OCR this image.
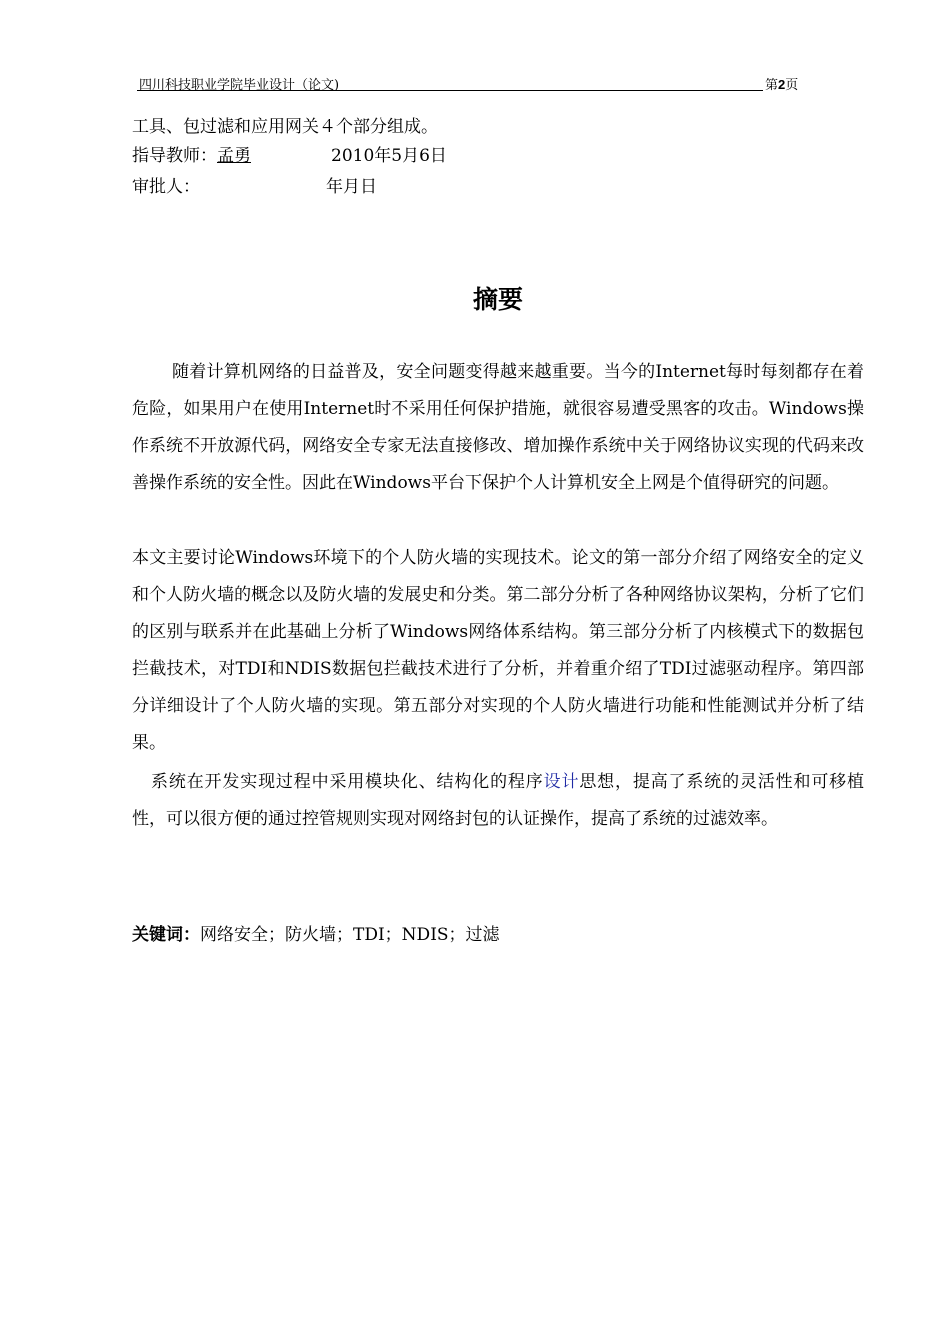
四川科技职业学院毕业设计（论文)	第2页
工具、包过滤和应用网关４个部分组成。
指导教师：孟勇	2010年5月6日
审批人：	年月日
摘要

随着计算机网络的日益普及，安全问题变得越来越重要。当今的Internet每时每刻都存在着危险，如果用户在使用Internet时不采用任何保护措施，就很容易遭受黑客的攻击。Windows操作系统不开放源代码，网络安全专家无法直接修改、增加操作系统中关于网络协议实现的代码来改善操作系统的安全性。因此在Windows平台下保护个人计算机安全上网是个值得研究的问题。

本文主要讨论Windows环境下的个人防火墙的实现技术。论文的第一部分介绍了网络安全的定义和个人防火墙的概念以及防火墙的发展史和分类。第二部分分析了各种网络协议架构，分析了它们的区别与联系并在此基础上分析了Windows网络体系结构。第三部分分析了内核模式下的数据包拦截技术，对TDI和NDIS数据包拦截技术进行了分析，并着重介绍了TDI过滤驱动程序。第四部分详细设计了个人防火墙的实现。第五部分对实现的个人防火墙进行功能和性能测试并分析了结果。

系统在开发实现过程中采用模块化、结构化的程序设计思想，提高了系统的灵活性和可移植性，可以很方便的通过控管规则实现对网络封包的认证操作，提高了系统的过滤效率。

关键词：网络安全；防火墙；TDI；NDIS；过滤
